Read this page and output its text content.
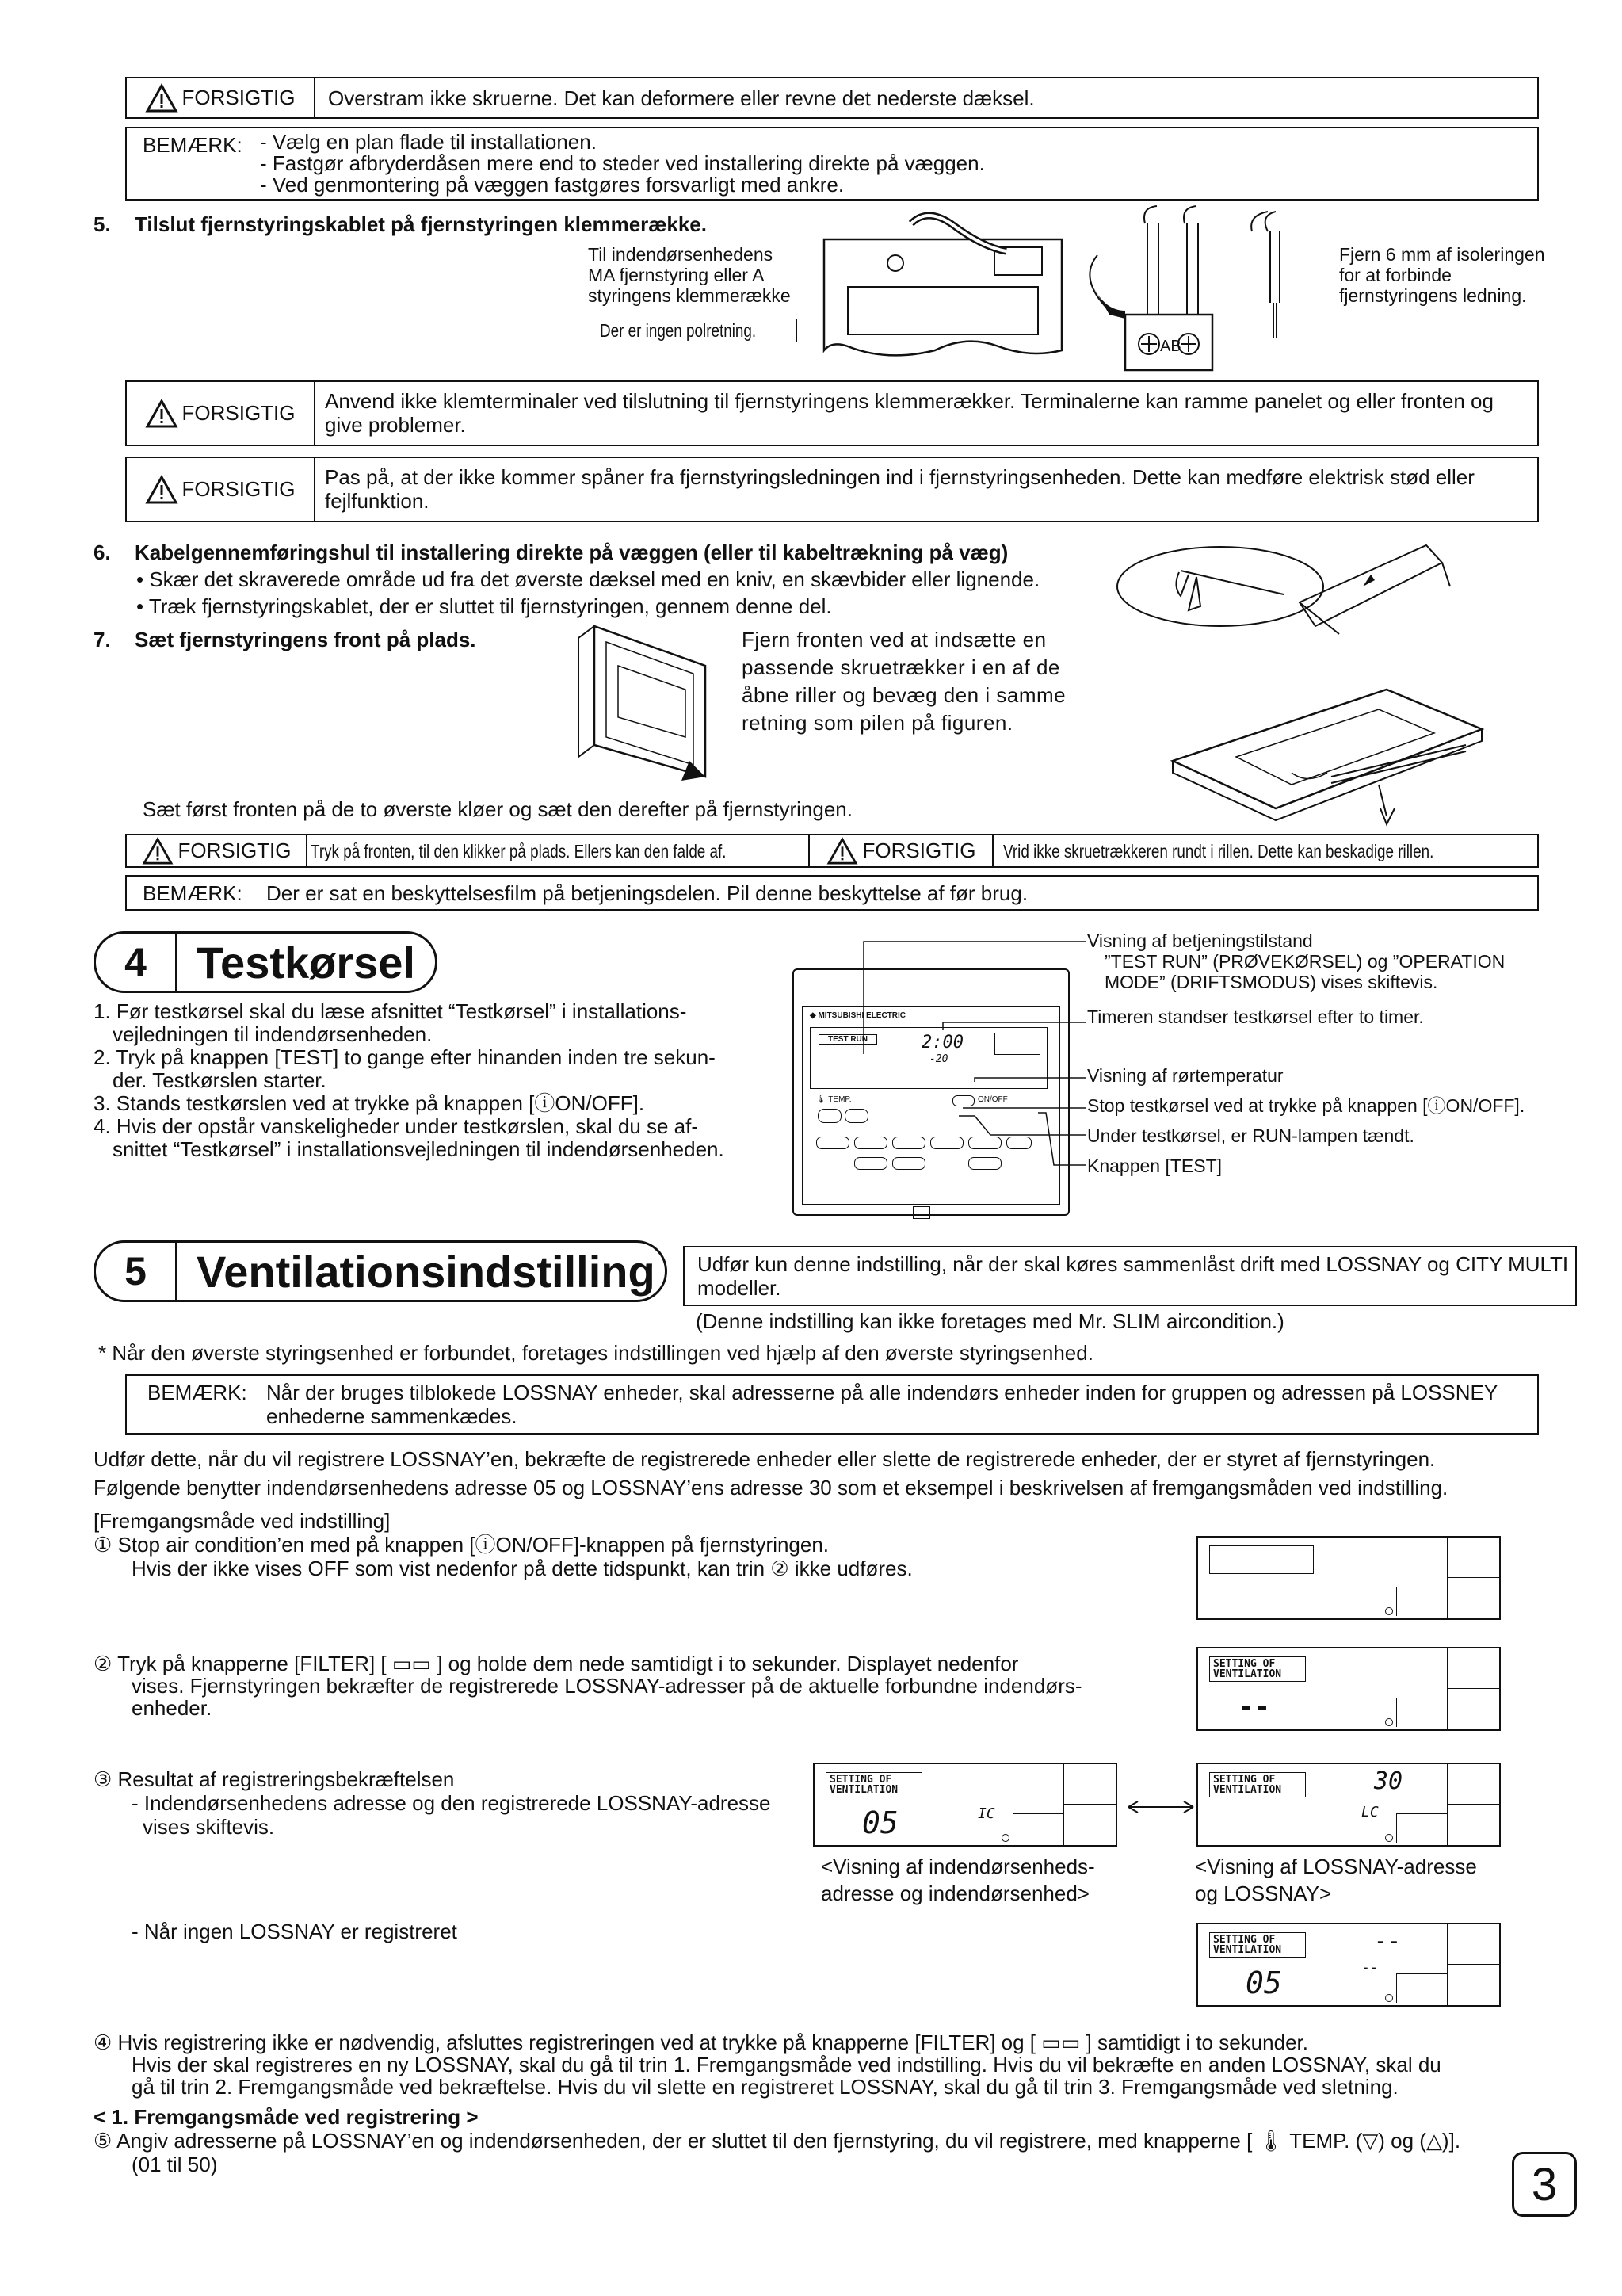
FORSIGTIG Overstram ikke skruerne. Det kan deformere eller revne det nederste dæksel.
BEMÆRK: - Vælg en plan flade til installationen.
- Fastgør afbryderdåsen mere end to steder ved installering direkte på væggen.
- Ved genmontering på væggen fastgøres forsvarligt med ankre.
5. Tilslut fjernstyringskablet på fjernstyringen klemmerække.
Til indendørsenhedens
MA fjernstyring eller A
styringens klemmerække
Der er ingen polretning.
AB
Fjern 6 mm af isoleringen
for at forbinde
fjernstyringens ledning.
FORSIGTIG Anvend ikke klemterminaler ved tilslutning til fjernstyringens klemmerækker. Terminalerne kan ramme panelet og eller fronten og give problemer.
FORSIGTIG Pas på, at der ikke kommer spåner fra fjernstyringsledningen ind i fjernstyringsenheden. Dette kan medføre elektrisk stød eller fejlfunktion.
6. Kabelgennemføringshul til installering direkte på væggen (eller til kabeltrækning på væg)
• Skær det skraverede område ud fra det øverste dæksel med en kniv, en skævbider eller lignende.
• Træk fjernstyringskablet, der er sluttet til fjernstyringen, gennem denne del.
7. Sæt fjernstyringens front på plads.	Fjern fronten ved at indsætte en
passende skruetrækker i en af de
åbne riller og bevæg den i samme
retning som pilen på figuren.
Sæt først fronten på de to øverste kløer og sæt den derefter på fjernstyringen.
FORSIGTIG Tryk på fronten, til den klikker på plads. Ellers kan den falde af.	FORSIGTIG Vrid ikke skruetrækkeren rundt i rillen. Dette kan beskadige rillen.
BEMÆRK: Der er sat en beskyttelsesfilm på betjeningsdelen. Pil denne beskyttelse af før brug.
4	Testkørsel
1. Før testkørsel skal du læse afsnittet “Testkørsel” i installations-
vejledningen til indendørsenheden.
2. Tryk på knappen [TEST] to gange efter hinanden inden tre sekun-
der. Testkørslen starter.
3. Stands testkørslen ved at trykke på knappen [ⓘON/OFF].
4. Hvis der opstår vanskeligheder under testkørslen, skal du se af-
snittet “Testkørsel” i installationsvejledningen til indendørsenheden.
◆ MITSUBISHI ELECTRIC
TEST RUN	2:00
-20
🌡 TEMP.	ON/OFF
Visning af betjeningstilstand
”TEST RUN” (PRØVEKØRSEL) og ”OPERATION
MODE” (DRIFTSMODUS) vises skiftevis.
Timeren standser testkørsel efter to timer.
Visning af rørtemperatur
Stop testkørsel ved at trykke på knappen [ⓘON/OFF].
Under testkørsel, er RUN-lampen tændt.
Knappen [TEST]
5	Ventilationsindstilling Udfør kun denne indstilling, når der skal køres sammenlåst drift med LOSSNAY og CITY MULTI modeller.
(Denne indstilling kan ikke foretages med Mr. SLIM aircondition.)
* Når den øverste styringsenhed er forbundet, foretages indstillingen ved hjælp af den øverste styringsenhed.
BEMÆRK: Når der bruges tilblokede LOSSNAY enheder, skal adresserne på alle indendørs enheder inden for gruppen og adressen på LOSSNEY
enhederne sammenkædes.
Udfør dette, når du vil registrere LOSSNAY’en, bekræfte de registrerede enheder eller slette de registrerede enheder, der er styret af fjernstyringen.
Følgende benytter indendørsenhedens adresse 05 og LOSSNAY’ens adresse 30 som et eksempel i beskrivelsen af fremgangsmåden ved indstilling.
[Fremgangsmåde ved indstilling]
① Stop air condition’en med på knappen [ⓘON/OFF]-knappen på fjernstyringen.
Hvis der ikke vises OFF som vist nedenfor på dette tidspunkt, kan trin ② ikke udføres.
② Tryk på knapperne [FILTER] [ ▭▭ ] og holde dem nede samtidigt i to sekunder. Displayet nedenfor
vises. Fjernstyringen bekræfter de registrerede LOSSNAY-adresser på de aktuelle forbundne indendørs-
enheder.
SETTING OF
VENTILATION
--
③ Resultat af registreringsbekræftelsen
- Indendørsenhedens adresse og den registrerede LOSSNAY-adresse
vises skiftevis.
SETTING OF
VENTILATION
05	IC
SETTING OF
VENTILATION	30
LC
<Visning af indendørsenheds-
adresse og indendørsenhed>
<Visning af LOSSNAY-adresse
og LOSSNAY>
- Når ingen LOSSNAY er registreret	SETTING OF
VENTILATION	--
--
05
④ Hvis registrering ikke er nødvendig, afsluttes registreringen ved at trykke på knapperne [FILTER] og [ ▭▭ ] samtidigt i to sekunder.
Hvis der skal registreres en ny LOSSNAY, skal du gå til trin 1. Fremgangsmåde ved indstilling. Hvis du vil bekræfte en anden LOSSNAY, skal du
gå til trin 2. Fremgangsmåde ved bekræftelse. Hvis du vil slette en registreret LOSSNAY, skal du gå til trin 3. Fremgangsmåde ved sletning.
< 1. Fremgangsmåde ved registrering >
⑤ Angiv adresserne på LOSSNAY’en og indendørsenheden, der er sluttet til den fjernstyring, du vil registrere, med knapperne [ 🌡 TEMP. (▽) og (△)].
(01 til 50)	3
